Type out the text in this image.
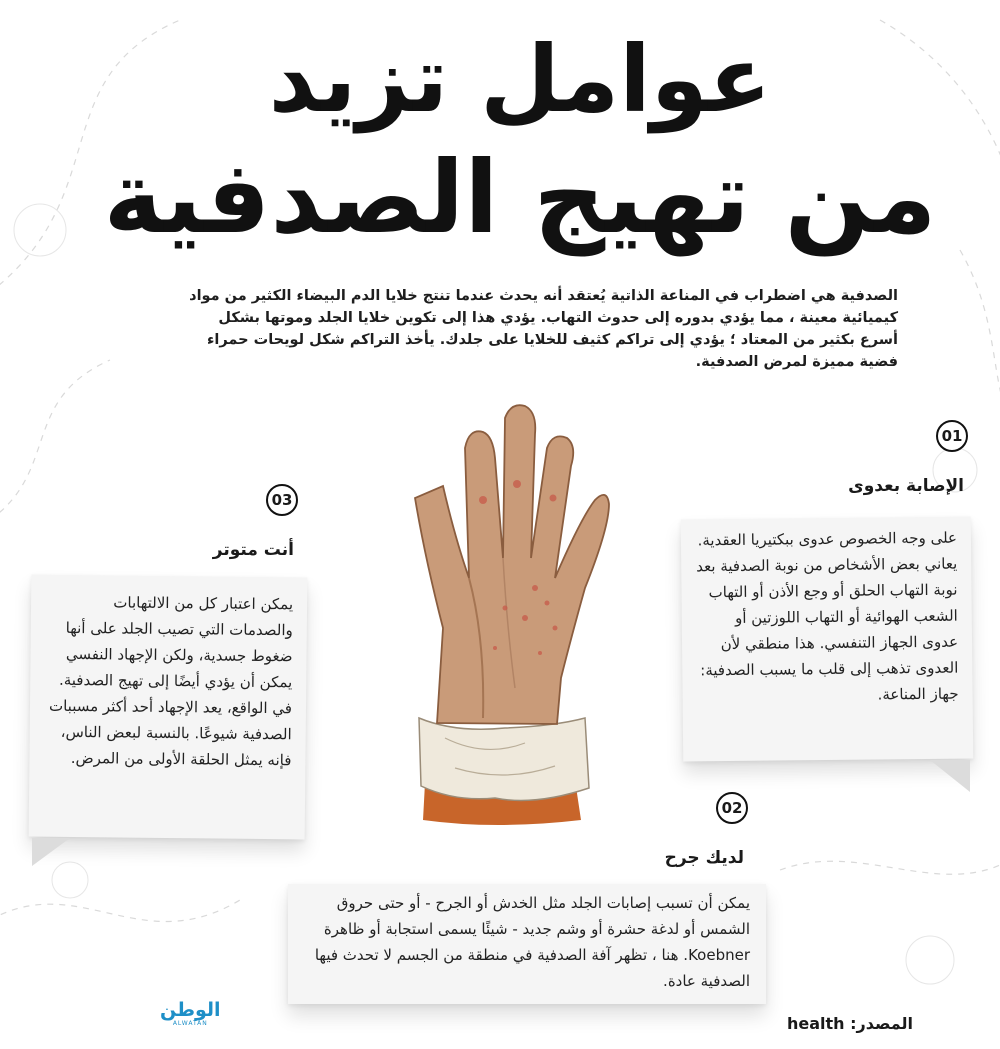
عوامل تزيد
من تهيج الصدفية

الصدفية هي اضطراب في المناعة الذاتية يُعتقد أنه يحدث عندما تنتج خلايا الدم البيضاء الكثير من مواد كيميائية معينة ، مما يؤدي بدوره إلى حدوث التهاب. يؤدي هذا إلى تكوين خلايا الجلد وموتها بشكل أسرع بكثير من المعتاد ؛ يؤدي إلى تراكم كثيف للخلايا على جلدك. يأخذ التراكم شكل لويحات حمراء فضية مميزة لمرض الصدفية.

01
الإصابة بعدوى

على وجه الخصوص عدوى ببكتيريا العقدية. يعاني بعض الأشخاص من نوبة الصدفية بعد نوبة التهاب الحلق أو وجع الأذن أو التهاب الشعب الهوائية أو التهاب اللوزتين أو عدوى الجهاز التنفسي. هذا منطقي لأن العدوى تذهب إلى قلب ما يسبب الصدفية: جهاز المناعة.

02
لديك جرح

يمكن أن تسبب إصابات الجلد مثل الخدش أو الجرح - أو حتى حروق الشمس أو لدغة حشرة أو وشم جديد - شيئًا يسمى استجابة أو ظاهرة Koebner. هنا ، تظهر آفة الصدفية في منطقة من الجسم لا تحدث فيها الصدفية عادة.

03
أنت متوتر

يمكن اعتبار كل من الالتهابات والصدمات التي تصيب الجلد على أنها ضغوط جسدية، ولكن الإجهاد النفسي يمكن أن يؤدي أيضًا إلى تهيج الصدفية. في الواقع، يعد الإجهاد أحد أكثر مسببات الصدفية شيوعًا. بالنسبة لبعض الناس، فإنه يمثل الحلقة الأولى من المرض.

الوطن
ALWATAN	المصدر: health
